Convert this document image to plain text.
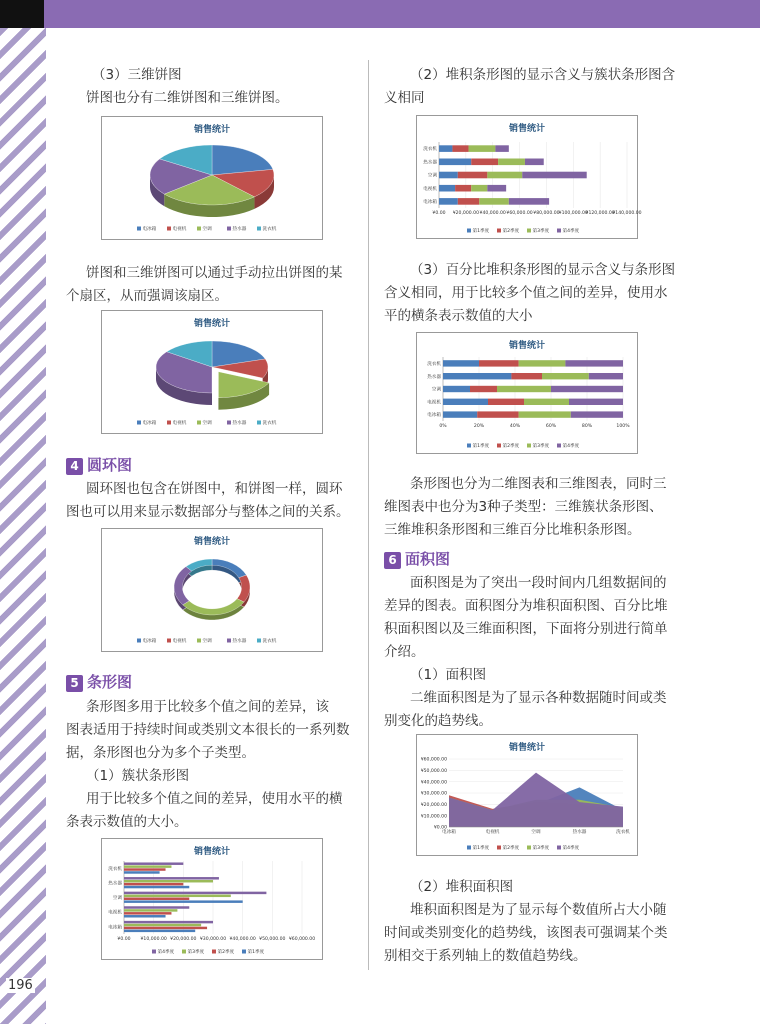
196
（3）三维饼图
饼图也分有二维饼图和三维饼图。
销售统计
电冰箱	电视机	空调	热水器	洗衣机
饼图和三维饼图可以通过手动拉出饼图的某
个扇区，从而强调该扇区。
销售统计
电冰箱	电视机	空调	热水器	洗衣机
4 圆环图
圆环图也包含在饼图中，和饼图一样，圆环
图也可以用来显示数据部分与整体之间的关系。
销售统计
电冰箱	电视机	空调	热水器	洗衣机
5 条形图
条形图多用于比较多个值之间的差异，该
图表适用于持续时间或类别文本很长的一系列数
据，条形图也分为多个子类型。
（1）簇状条形图
用于比较多个值之间的差异，使用水平的横
条表示数值的大小。
销售统计
¥0.00 ¥10,000.00 ¥20,000.00 ¥30,000.00 ¥40,000.00 ¥50,000.00 ¥60,000.00
电冰箱
电视机
空调
热水器
洗衣机
第4季度	第3季度	第2季度	第1季度
（2）堆积条形图的显示含义与簇状条形图含
义相同
销售统计
¥0.00 ¥20,000.00 ¥40,000.00 ¥60,000.00 ¥80,000.00 ¥100,000.00
¥120,000.00
¥140,000.00
电冰箱
电视机
空调
热水器
洗衣机
第1季度	第2季度	第3季度	第4季度
（3）百分比堆积条形图的显示含义与条形图
含义相同，用于比较多个值之间的差异，使用水
平的横条表示数值的大小
销售统计
0%	20%	40%	60%	80%	100%
电冰箱
电视机
空调
热水器
洗衣机
第1季度	第2季度	第3季度	第4季度
条形图也分为二维图表和三维图表，同时三
维图表中也分为3种子类型：三维簇状条形图、
三维堆积条形图和三维百分比堆积条形图。
6 面积图
面积图是为了突出一段时间内几组数据间的
差异的图表。面积图分为堆积面积图、百分比堆
积面积图以及三维面积图，下面将分别进行简单
介绍。
（1）面积图
二维面积图是为了显示各种数据随时间或类
别变化的趋势线。
销售统计
¥0.00
¥10,000.00
¥20,000.00
¥30,000.00
¥40,000.00
¥50,000.00
¥60,000.00
电冰箱	电视机	空调	热水器	洗衣机
第1季度	第2季度	第3季度	第4季度
（2）堆积面积图
堆积面积图是为了显示每个数值所占大小随
时间或类别变化的趋势线，该图表可强调某个类
别相交于系列轴上的数值趋势线。
